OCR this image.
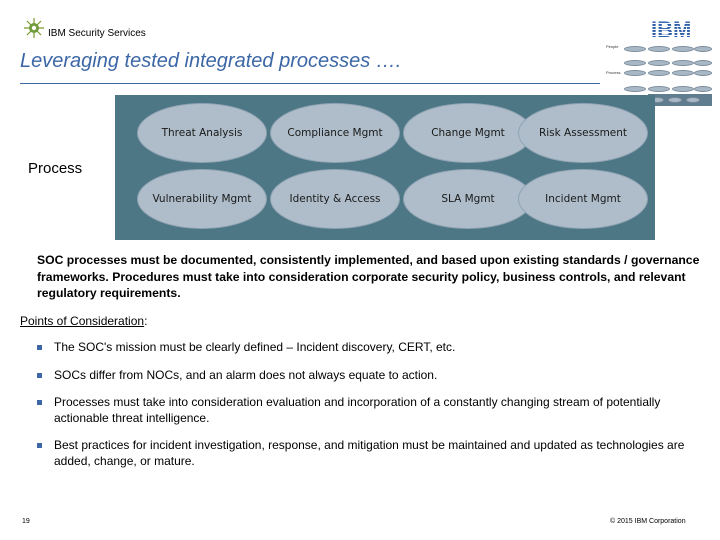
IBM Security Services	IBM
Leveraging tested integrated processes ….
People
Process
Threat Analysis	Compliance Mgmt	Change Mgmt	Risk Assessment
Vulnerability Mgmt	Identity & Access	SLA Mgmt	Incident Mgmt
Process
SOC processes must be documented, consistently implemented, and based upon existing standards / governance frameworks. Procedures must take into consideration corporate security policy, business controls, and relevant regulatory requirements.
Points of Consideration:
The SOC's mission must be clearly defined – Incident discovery, CERT, etc.
SOCs differ from NOCs, and an alarm does not always equate to action.
Processes must take into consideration evaluation and incorporation of a constantly changing stream of potentially actionable threat intelligence.
Best practices for incident investigation, response, and mitigation must be maintained and updated as technologies are added, change, or mature.
19	© 2015 IBM Corporation
